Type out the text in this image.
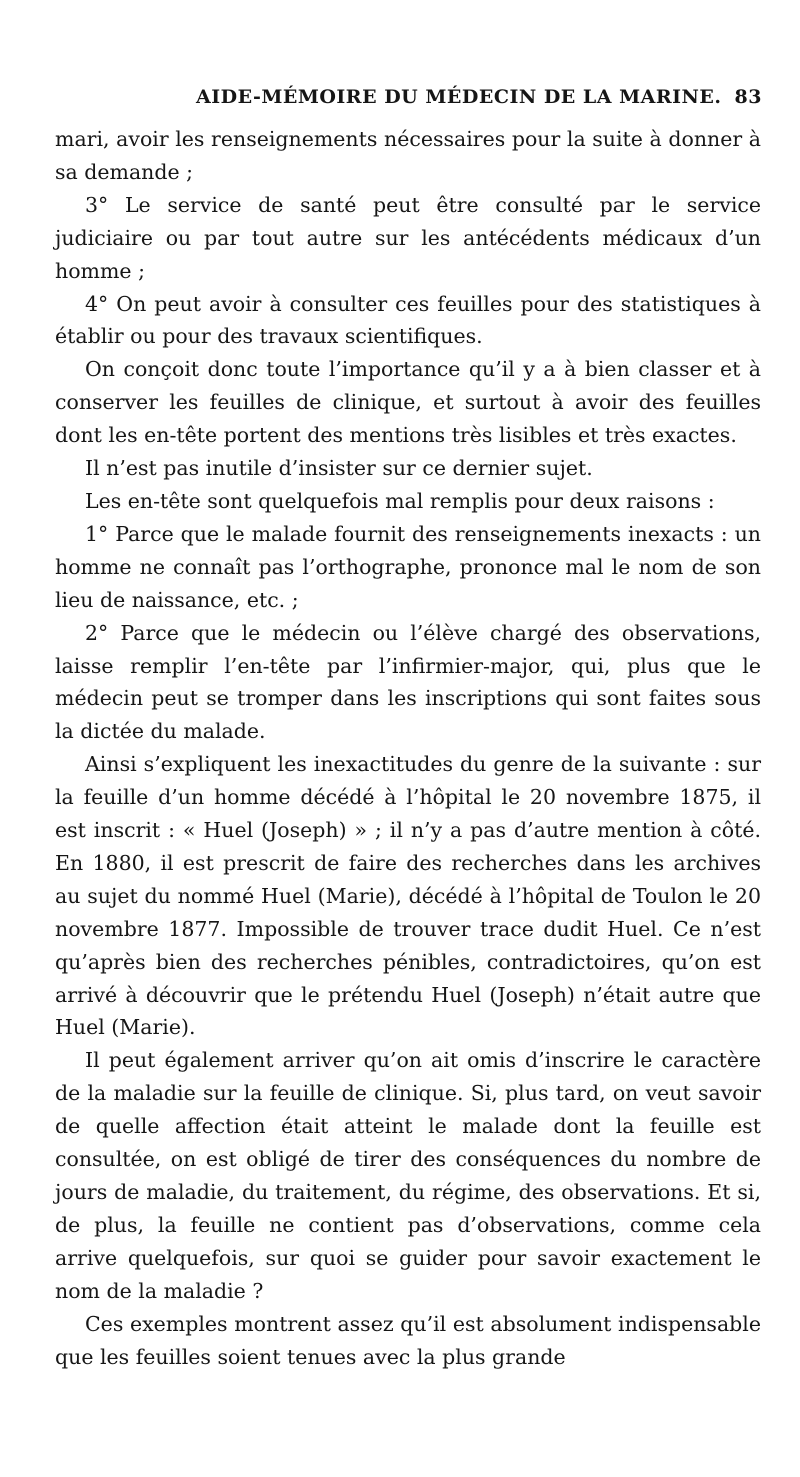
AIDE-MÉMOIRE DU MÉDECIN DE LA MARINE. 83

mari, avoir les renseignements nécessaires pour la suite à donner à sa demande ;

3° Le service de santé peut être consulté par le service judiciaire ou par tout autre sur les antécédents médicaux d’un homme ;

4° On peut avoir à consulter ces feuilles pour des statistiques à établir ou pour des travaux scientifiques.

On conçoit donc toute l’importance qu’il y a à bien classer et à conserver les feuilles de clinique, et surtout à avoir des feuilles dont les en-tête portent des mentions très lisibles et très exactes.

Il n’est pas inutile d’insister sur ce dernier sujet.

Les en-tête sont quelquefois mal remplis pour deux raisons :

1° Parce que le malade fournit des renseignements inexacts : un homme ne connaît pas l’orthographe, prononce mal le nom de son lieu de naissance, etc. ;

2° Parce que le médecin ou l’élève chargé des observations, laisse remplir l’en-tête par l’infirmier-major, qui, plus que le médecin peut se tromper dans les inscriptions qui sont faites sous la dictée du malade.

Ainsi s’expliquent les inexactitudes du genre de la suivante : sur la feuille d’un homme décédé à l’hôpital le 20 novembre 1875, il est inscrit : « Huel (Joseph) » ; il n’y a pas d’autre mention à côté. En 1880, il est prescrit de faire des recherches dans les archives au sujet du nommé Huel (Marie), décédé à l’hôpital de Toulon le 20 novembre 1877. Impossible de trouver trace dudit Huel. Ce n’est qu’après bien des recherches pénibles, contradictoires, qu’on est arrivé à découvrir que le prétendu Huel (Joseph) n’était autre que Huel (Marie).

Il peut également arriver qu’on ait omis d’inscrire le caractère de la maladie sur la feuille de clinique. Si, plus tard, on veut savoir de quelle affection était atteint le malade dont la feuille est consultée, on est obligé de tirer des conséquences du nombre de jours de maladie, du traitement, du régime, des observations. Et si, de plus, la feuille ne contient pas d’observations, comme cela arrive quelquefois, sur quoi se guider pour savoir exactement le nom de la maladie ?

Ces exemples montrent assez qu’il est absolument indispensable que les feuilles soient tenues avec la plus grande
